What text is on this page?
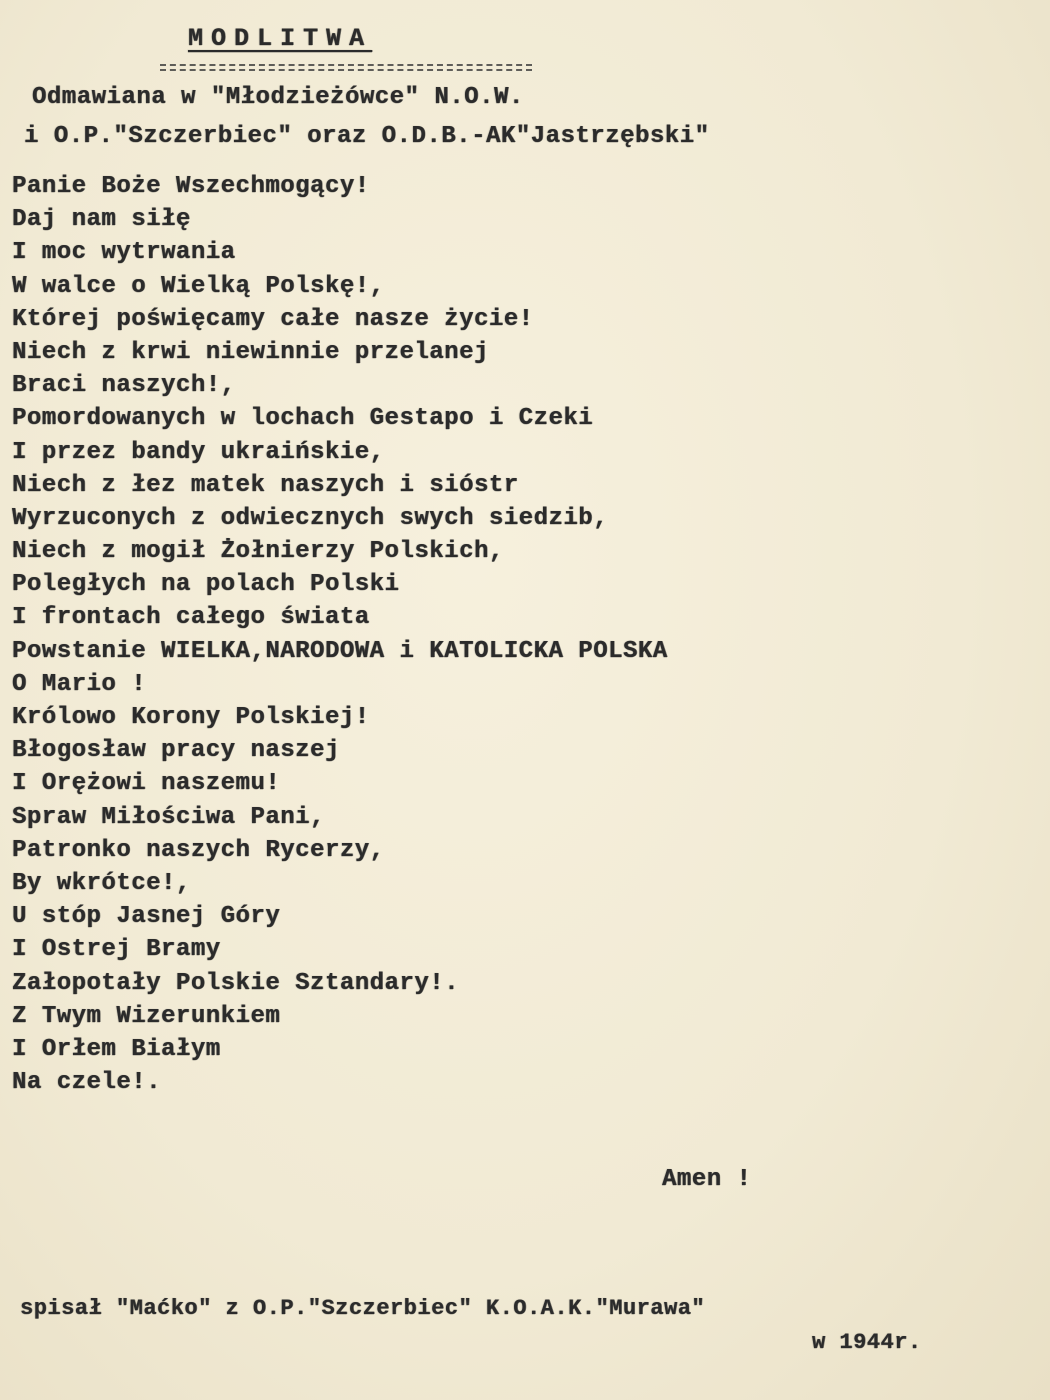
MODLITWA
Odmawiana w "Młodzieżówce" N.O.W.
i O.P."Szczerbiec" oraz O.D.B.-AK"Jastrzębski"
Panie Boże Wszechmogący!
Daj nam siłę
I moc wytrwania
W walce o Wielką Polskę!,
Której poświęcamy całe nasze życie!
Niech z krwi niewinnie przelanej
Braci naszych!,
Pomordowanych w lochach Gestapo i Czeki
I przez bandy ukraińskie,
Niech z łez matek naszych i sióstr
Wyrzuconych z odwiecznych swych siedzib,
Niech z mogił Żołnierzy Polskich,
Poległych na polach Polski
I frontach całego świata
Powstanie WIELKA,NARODOWA i KATOLICKA POLSKA
O Mario !
Królowo Korony Polskiej!
Błogosław pracy naszej
I Orężowi naszemu!
Spraw Miłościwa Pani,
Patronko naszych Rycerzy,
By wkrótce!,
U stóp Jasnej Góry
I Ostrej Bramy
Załopotały Polskie Sztandary!.
Z Twym Wizerunkiem
I Orłem Białym
Na czele!.
Amen !
spisał "Maćko" z O.P."Szczerbiec" K.O.A.K."Murawa"
w 1944r.
